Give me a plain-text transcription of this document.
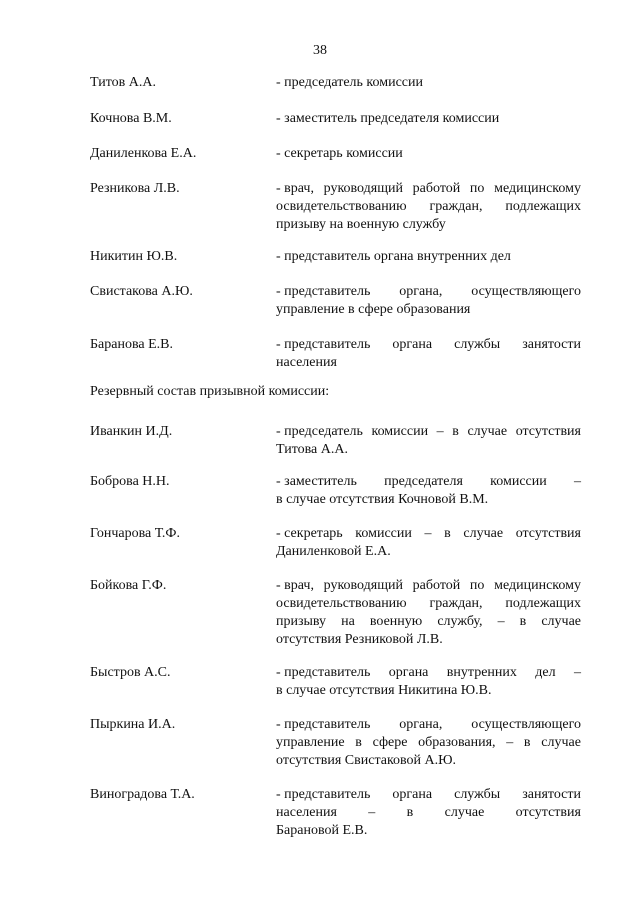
38
Титов А.А.	- председатель комиссии
Кочнова В.М.	- заместитель председателя комиссии
Даниленкова Е.А.	- секретарь комиссии
Резникова Л.В.	- врач, руководящий работой по медицинскому
освидетельствованию граждан, подлежащих
призыву на военную службу
Никитин Ю.В.	- представитель органа внутренних дел
Свистакова А.Ю.	- представитель органа, осуществляющего
управление в сфере образования
Баранова Е.В.	- представитель органа службы занятости
населения
Резервный состав призывной комиссии:
Иванкин И.Д.	- председатель комиссии – в случае отсутствия
Титова А.А.
Боброва Н.Н.	- заместитель председателя комиссии –
в случае отсутствия Кочновой В.М.
Гончарова Т.Ф.	- секретарь комиссии – в случае отсутствия
Даниленковой Е.А.
Бойкова Г.Ф.	- врач, руководящий работой по медицинскому
освидетельствованию граждан, подлежащих
призыву на военную службу, – в случае
отсутствия Резниковой Л.В.
Быстров А.С.	- представитель органа внутренних дел –
в случае отсутствия Никитина Ю.В.
Пыркина И.А.	- представитель органа, осуществляющего
управление в сфере образования, – в случае
отсутствия Свистаковой А.Ю.
Виноградова Т.А.	- представитель органа службы занятости
населения – в случае отсутствия
Барановой Е.В.
